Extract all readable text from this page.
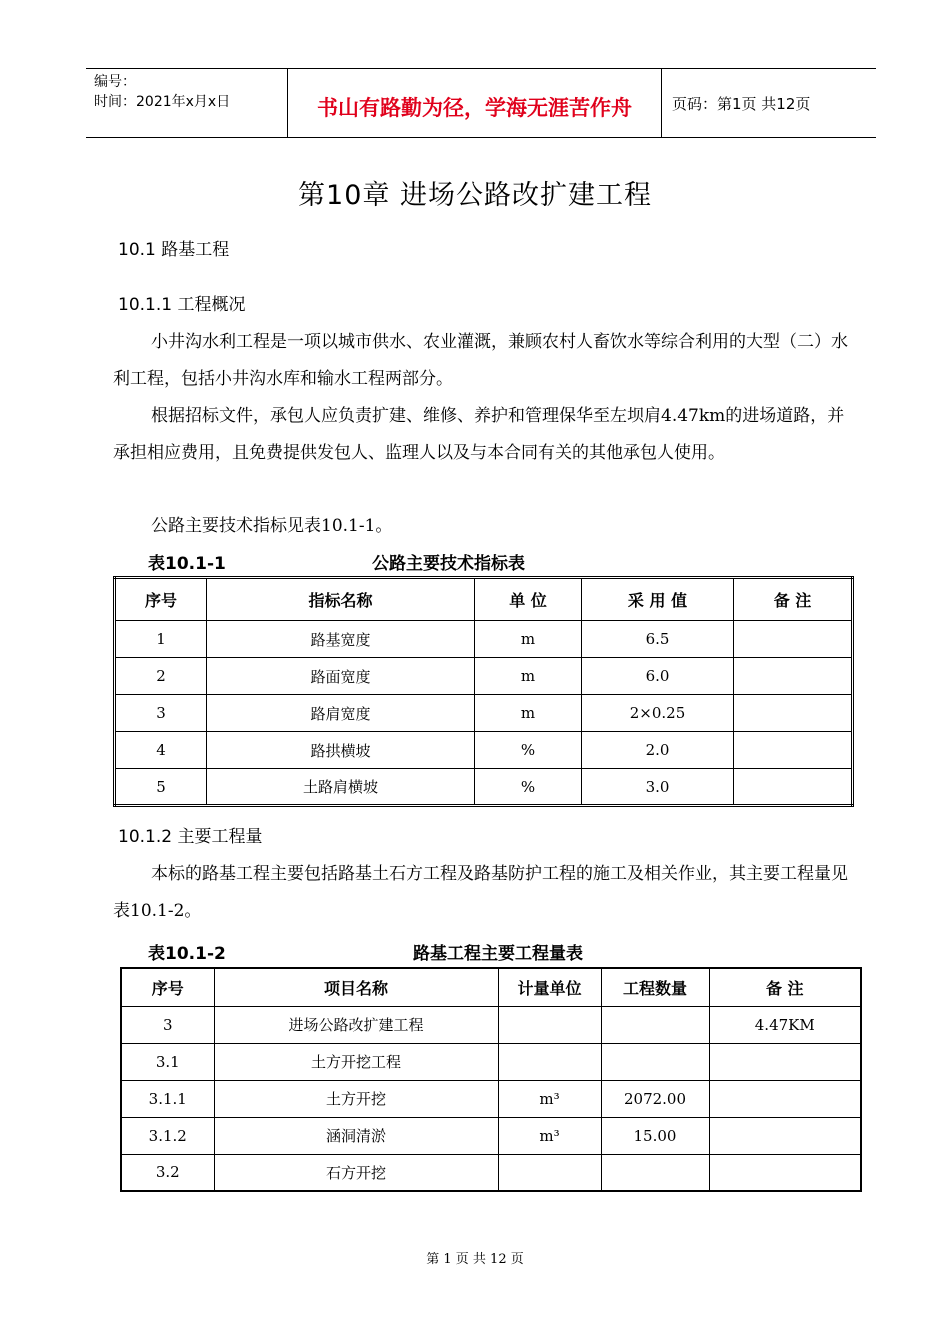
编号：
时间：2021年x月x日	书山有路勤为径，学海无涯苦作舟	页码：第1页 共12页
第10章 进场公路改扩建工程
10.1 路基工程
10.1.1 工程概况
小井沟水利工程是一项以城市供水、农业灌溉，兼顾农村人畜饮水等综合利用的大型（二）水利工程，包括小井沟水库和输水工程两部分。
根据招标文件，承包人应负责扩建、维修、养护和管理保华至左坝肩4.47km的进场道路，并承担相应费用，且免费提供发包人、监理人以及与本合同有关的其他承包人使用。
公路主要技术指标见表10.1-1。
表10.1-1	公路主要技术指标表
序号	指标名称	单 位	采 用 值	备 注
1	路基宽度	m	6.5	
2	路面宽度	m	6.0	
3	路肩宽度	m	2×0.25	
4	路拱横坡	%	2.0	
5	土路肩横坡	%	3.0	
10.1.2 主要工程量
本标的路基工程主要包括路基土石方工程及路基防护工程的施工及相关作业，其主要工程量见表10.1-2。
表10.1-2	路基工程主要工程量表
序号	项目名称	计量单位	工程数量	备 注
3	进场公路改扩建工程			4.47KM
3.1	土方开挖工程			
3.1.1	土方开挖	m³	2072.00	
3.1.2	涵洞清淤	m³	15.00	
3.2	石方开挖			
第 1 页 共 12 页
